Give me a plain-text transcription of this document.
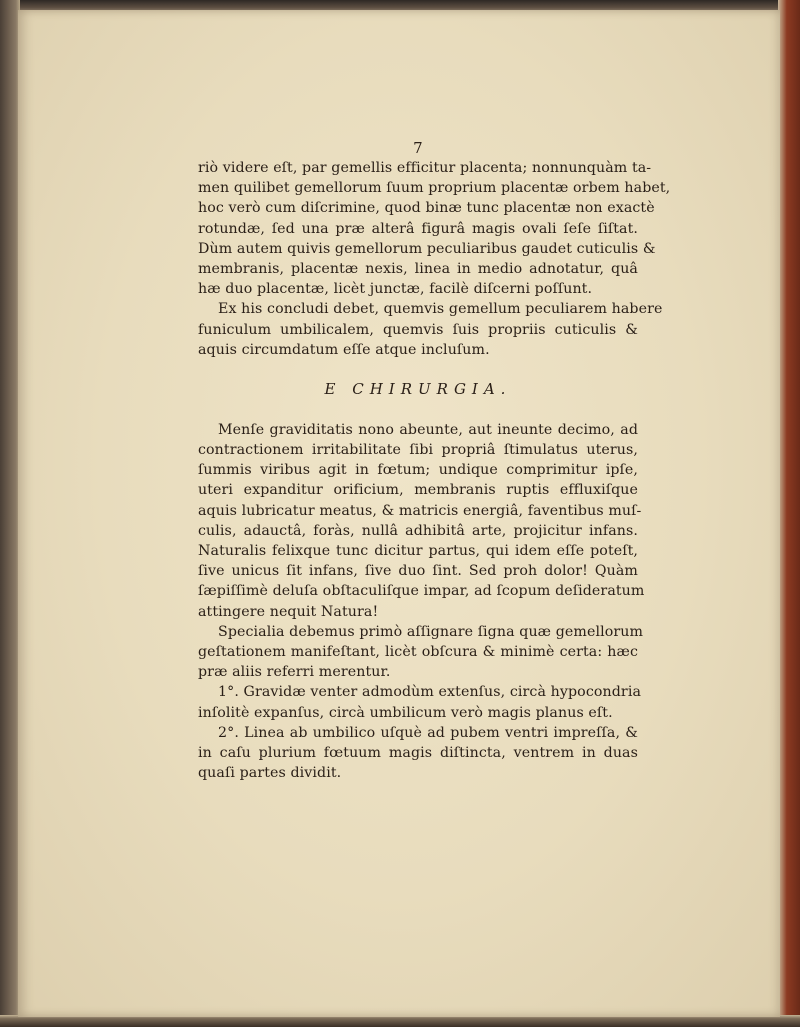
7
riò videre eſt, par gemellis efficitur placenta; nonnunquàm ta-
men quilibet gemellorum ſuum proprium placentæ orbem habet,
hoc verò cum diſcrimine, quod binæ tunc placentæ non exactè
rotundæ, ſed una præ alterâ figurâ magis ovali ſeſe ſiſtat.
Dùm autem quivis gemellorum peculiaribus gaudet cuticulis &
membranis, placentæ nexis, linea in medio adnotatur, quâ
hæ duo placentæ, licèt junctæ, facilè diſcerni poſſunt.
Ex his concludi debet, quemvis gemellum peculiarem habere
funiculum umbilicalem, quemvis ſuis propriis cuticulis &
aquis circumdatum eſſe atque incluſum.
E CHIRURGIA.
Menſe graviditatis nono abeunte, aut ineunte decimo, ad
contractionem irritabilitate ſibi propriâ ſtimulatus uterus,
ſummis viribus agit in fœtum; undique comprimitur ipſe,
uteri expanditur orificium, membranis ruptis effluxiſque
aquis lubricatur meatus, & matricis energiâ, faventibus muſ-
culis, adauctâ, foràs, nullâ adhibitâ arte, projicitur infans.
Naturalis felixque tunc dicitur partus, qui idem eſſe poteſt,
ſive unicus ſit infans, ſive duo ſint. Sed proh dolor! Quàm
ſæpiſſimè deluſa obſtaculiſque impar, ad ſcopum deſideratum
attingere nequit Natura!
Specialia debemus primò aſſignare ſigna quæ gemellorum
geſtationem manifeſtant, licèt obſcura & minimè certa: hæc
præ aliis referri merentur.
1°. Gravidæ venter admodùm extenſus, circà hypocondria
inſolitè expanſus, circà umbilicum verò magis planus eſt.
2°. Linea ab umbilico uſquè ad pubem ventri impreſſa, &
in caſu plurium fœtuum magis diſtincta, ventrem in duas
quaſi partes dividit.
